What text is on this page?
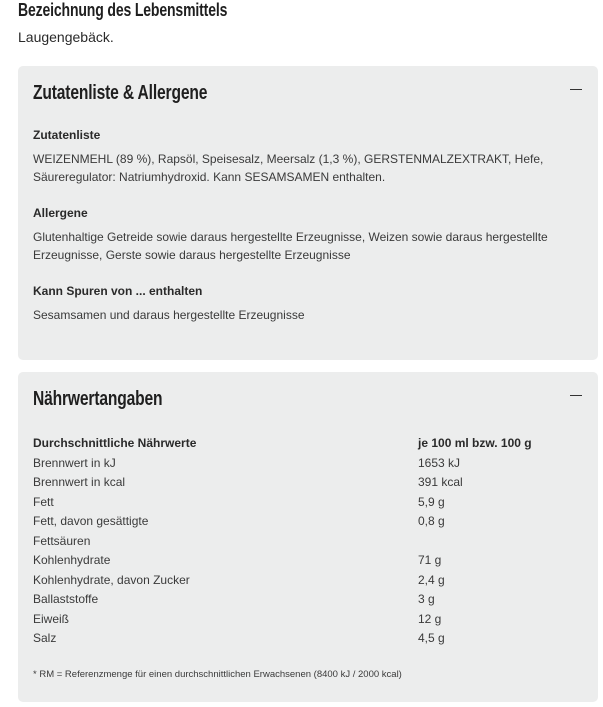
Bezeichnung des Lebensmittels
Laugengebäck.
Zutatenliste & Allergene
Zutatenliste
WEIZENMEHL (89 %), Rapsöl, Speisesalz, Meersalz (1,3 %), GERSTENMALZEXTRAKT, Hefe,
Säureregulator: Natriumhydroxid. Kann SESAMSAMEN enthalten.
Allergene
Glutenhaltige Getreide sowie daraus hergestellte Erzeugnisse, Weizen sowie daraus hergestellte
Erzeugnisse, Gerste sowie daraus hergestellte Erzeugnisse
Kann Spuren von ... enthalten
Sesamsamen und daraus hergestellte Erzeugnisse
Nährwertangaben
Durchschnittliche Nährwerte	je 100 ml bzw. 100 g
Brennwert in kJ	1653 kJ
Brennwert in kcal	391 kcal
Fett	5,9 g
Fett, davon gesättigte	0,8 g
Fettsäuren	
Kohlenhydrate	71 g
Kohlenhydrate, davon Zucker	2,4 g
Ballaststoffe	3 g
Eiweiß	12 g
Salz	4,5 g
* RM = Referenzmenge für einen durchschnittlichen Erwachsenen (8400 kJ / 2000 kcal)
